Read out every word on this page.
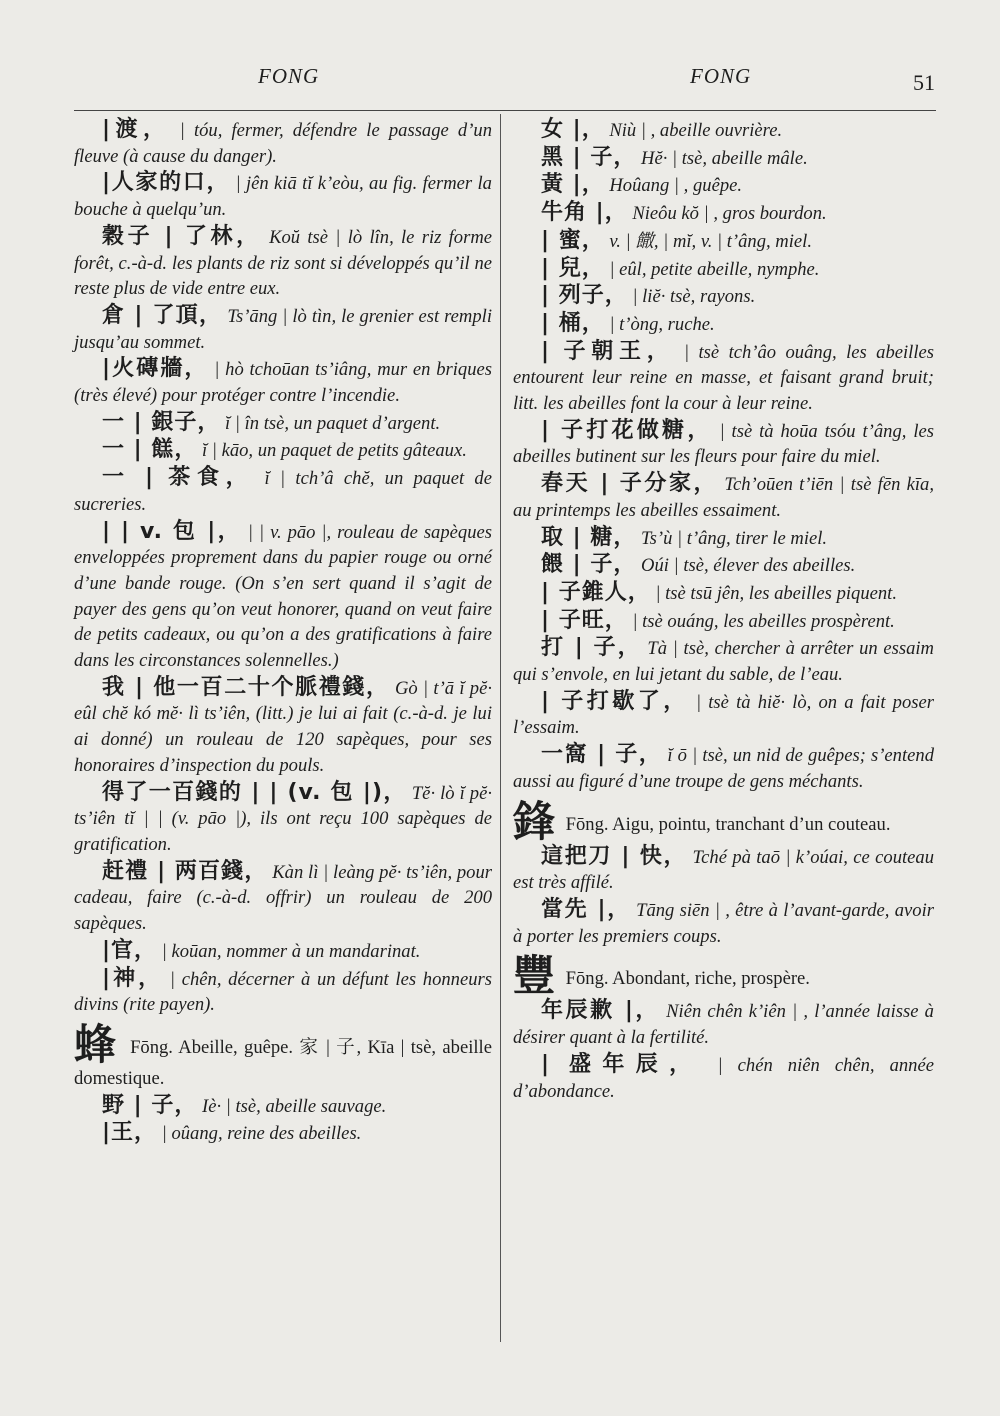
FONG	FONG	51

|渡， | tóu, fermer, défendre le passage d’un fleuve (à cause du danger).

|人家的口， | jên kiā tĭ k’eòu, au fig. fermer la bouche à quelqu’un.

穀子 | 了林， Koŭ tsè | lò lîn, le riz forme forêt, c.-à-d. les plants de riz sont si développés qu’il ne reste plus de vide entre eux.

倉 | 了頂， Ts’āng | lò tìn, le grenier est rempli jusqu’au sommet.

|火磚牆， | hò tchoūan ts’iâng, mur en briques (très élevé) pour protéger contre l’incendie.

一 | 銀子， ĭ | în tsè, un paquet d’argent.

一 | 餻， ĭ | kāo, un paquet de petits gâteaux.

一 | 茶食， ĭ | tch’â chĕ, un paquet de sucreries.

| | v. 包 |， | | v. pāo |, rouleau de sapèques enveloppées proprement dans du papier rouge ou orné d’une bande rouge. (On s’en sert quand il s’agit de payer des gens qu’on veut honorer, quand on veut faire de petits cadeaux, ou qu’on a des gratifications à faire dans les circonstances solennelles.)

我 | 他一百二十个脈禮錢， Gò | t’ā ĭ pĕ· eûl chĕ kó mĕ· lì ts’iên, (litt.) je lui ai fait (c.-à-d. je lui ai donné) un rouleau de 120 sapèques, pour ses honoraires d’inspection du pouls.

得了一百錢的 | | (v. 包 |)， Tĕ· lò ĭ pĕ· ts’iên tĭ | | (v. pāo |), ils ont reçu 100 sapèques de gratification.

赶禮 | 两百錢， Kàn lì | leàng pĕ· ts’iên, pour cadeau, faire (c.-à-d. offrir) un rouleau de 200 sapèques.

|官， | koūan, nommer à un mandarinat.

|神， | chên, décerner à un défunt les honneurs divins (rite payen).

蜂 Fōng. Abeille, guêpe. 家 | 子, Kīa | tsè, abeille domestique.

野 | 子， Iè· | tsè, abeille sauvage.

|王， | oûang, reine des abeilles.

女 |， Niù | , abeille ouvrière.

黑 | 子， Hĕ· | tsè, abeille mâle.

黃 |， Hoûang | , guêpe.

牛角 |， Nieôu kŏ | , gros bourdon.

| 蜜， v. | 饊, | mĭ, v. | t’âng, miel.

| 兒， | eûl, petite abeille, nymphe.

| 列子， | liĕ· tsè, rayons.

| 桶， | t’òng, ruche.

| 子朝王， | tsè tch’âo ouâng, les abeilles entourent leur reine en masse, et faisant grand bruit; litt. les abeilles font la cour à leur reine.

| 子打花做糖， | tsè tà hoūa tsóu t’âng, les abeilles butinent sur les fleurs pour faire du miel.

春天 | 子分家， Tch’oūen t’iēn | tsè fēn kīa, au printemps les abeilles essaiment.

取 | 糖， Ts’ù | t’âng, tirer le miel.

餵 | 子， Oúi | tsè, élever des abeilles.

| 子錐人， | tsè tsū jên, les abeilles piquent.

| 子旺， | tsè ouáng, les abeilles prospèrent.

打 | 子， Tà | tsè, chercher à arrêter un essaim qui s’envole, en lui jetant du sable, de l’eau.

| 子打歇了， | tsè tà hiĕ· lò, on a fait poser l’essaim.

一窩 | 子， ĭ ō | tsè, un nid de guêpes; s’entend aussi au figuré d’une troupe de gens méchants.

鋒 Fōng. Aigu, pointu, tranchant d’un couteau.

這把刀 | 快， Tché pà taō | k’oúai, ce couteau est très affilé.

當先 |， Tāng siēn | , être à l’avant-garde, avoir à porter les premiers coups.

豐 Fōng. Abondant, riche, prospère.

年辰歉 |， Niên chên k’iên | , l’année laisse à désirer quant à la fertilité.

| 盛年辰， | chén niên chên, année d’abondance.
